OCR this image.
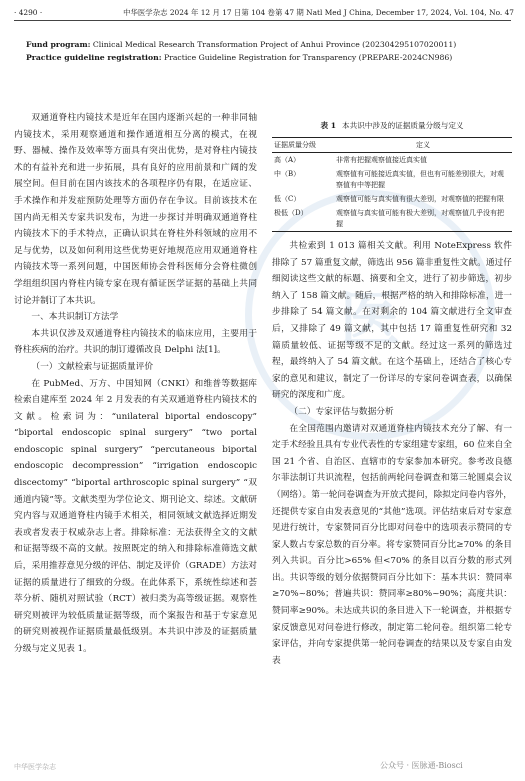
· 4290 ·	中华医学杂志 2024 年 12 月 17 日第 104 卷第 47 期 Natl Med J China, December 17, 2024, Vol. 104, No. 47

Fund program: Clinical Medical Research Transformation Project of Anhui Province (202304295107020011)

Practice guideline registration: Practice Guideline Registration for Transparency (PREPARE-2024CN986)

医

双通道脊柱内镜技术是近年在国内逐渐兴起的一种非同轴内镜技术，采用观察通道和操作通道相互分离的模式，在视野、器械、操作及效率等方面具有突出优势，是对脊柱内镜技术的有益补充和进一步拓展，具有良好的应用前景和广阔的发展空间。但目前在国内该技术的各项程序仍有限，在适应证、手术操作和并发症预防处理等方面仍存在争议。目前该技术在国内尚无相关专家共识发布，为进一步探讨并明确双通道脊柱内镜技术下的手术特点，正确认识其在脊柱外科领域的应用不足与优势，以及如何利用这些优势更好地规范应用双通道脊柱内镜技术等一系列问题，中国医师协会骨科医师分会脊柱微创学组组织国内脊柱内镜专家在现有循证医学证据的基础上共同讨论并制订了本共识。

一、本共识制订方法学

本共识仅涉及双通道脊柱内镜技术的临床应用，主要用于脊柱疾病的治疗。共识的制订遵循改良 Delphi 法[1]。

（一）文献检索与证据质量评价

在 PubMed、万方、中国知网（CNKI）和维普等数据库检索自建库至 2024 年 2 月发表的有关双通道脊柱内镜技术的文献。检索词为：“unilateral biportal endoscopy” “biportal endoscopic spinal surgery” “two portal endoscopic spinal surgery” “percutaneous biportal endoscopic decompression” “irrigation endoscopic discectomy” “biportal arthroscopic spinal surgery” “双通道内镜”等。文献类型为学位论文、期刊论文、综述。文献研究内容与双通道脊柱内镜手术相关，相同领域文献选择近期发表或者发表于权威杂志上者。排除标准：无法获得全文的文献和证据等级不高的文献。按照既定的纳入和排除标准筛选文献后，采用推荐意见分级的评估、制定及评价（GRADE）方法对证据的质量进行了细致的分级。在此体系下，系统性综述和荟萃分析、随机对照试验（RCT）被归类为高等级证据。观察性研究则被评为较低质量证据等级，而个案报告和基于专家意见的研究则被视作证据质量最低级别。本共识中涉及的证据质量分级与定义见表 1。

表 1 本共识中涉及的证据质量分级与定义
证据质量分级	定义
高（A）	非常有把握观察值接近真实值
中（B）	观察值有可能接近真实值，但也有可能差别很大，对观察值有中等把握
低（C）	观察值可能与真实值有很大差别，对观察值的把握有限
极低（D）	观察值与真实值可能有极大差别，对观察值几乎没有把握

共检索到 1 013 篇相关文献。利用 NoteExpress 软件排除了 57 篇重复文献，筛选出 956 篇非重复性文献。通过仔细阅读这些文献的标题、摘要和全文，进行了初步筛选，初步纳入了 158 篇文献。随后，根据严格的纳入和排除标准，进一步排除了 54 篇文献。在对剩余的 104 篇文献进行全文审查后，又排除了 49 篇文献，其中包括 17 篇重复性研究和 32 篇质量较低、证据等级不足的文献。经过这一系列的筛选过程，最终纳入了 54 篇文献。在这个基础上，还结合了核心专家的意见和建议，制定了一份详尽的专家问卷调查表，以确保研究的深度和广度。

（二）专家评估与数据分析

在全国范围内邀请对双通道脊柱内镜技术充分了解、有一定手术经验且具有专业代表性的专家组建专家组，60 位来自全国 21 个省、自治区、直辖市的专家参加本研究。参考改良德尔菲法制订共识流程，包括前两轮问卷调查和第三轮圆桌会议（网络）。第一轮问卷调查为开放式提问，除拟定问卷内容外，还提供专家自由发表意见的“其他”选项。评估结束后对专家意见进行统计，专家赞同百分比即对问卷中的选项表示赞同的专家人数占专家总数的百分率。将专家赞同百分比≥70% 的条目列入共识。百分比>65% 但<70% 的条目以百分数的形式列出。共识等级的划分依据赞同百分比如下：基本共识：赞同率≥70%~80%；普遍共识：赞同率≥80%~90%；高度共识：赞同率≥90%。未达成共识的条目进入下一轮调查，并根据专家反馈意见对问卷进行修改，制定第二轮问卷。组织第二轮专家评估，并向专家提供第一轮问卷调查的结果以及专家自由发表

中华医学杂志	公众号 · 医脉通-Biosci
